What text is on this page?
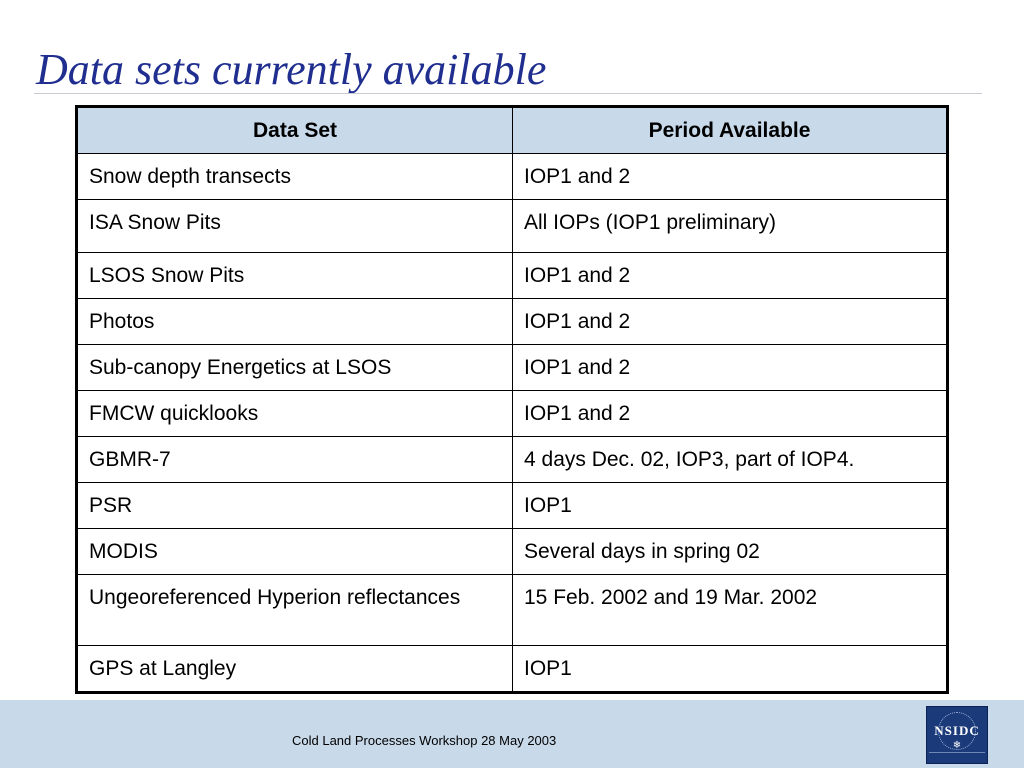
Data sets currently available
Data Set	Period Available
Snow depth transects	IOP1 and 2
ISA Snow Pits	All IOPs (IOP1 preliminary)
LSOS Snow Pits	IOP1 and 2
Photos	IOP1 and 2
Sub-canopy Energetics at LSOS	IOP1 and 2
FMCW quicklooks	IOP1 and 2
GBMR-7	4 days Dec. 02, IOP3, part of IOP4.
PSR	IOP1
MODIS	Several days in spring 02
Ungeoreferenced Hyperion reflectances	15 Feb. 2002 and 19 Mar. 2002
GPS at Langley	IOP1
Cold Land Processes Workshop 28 May 2003
NSIDC
❄
